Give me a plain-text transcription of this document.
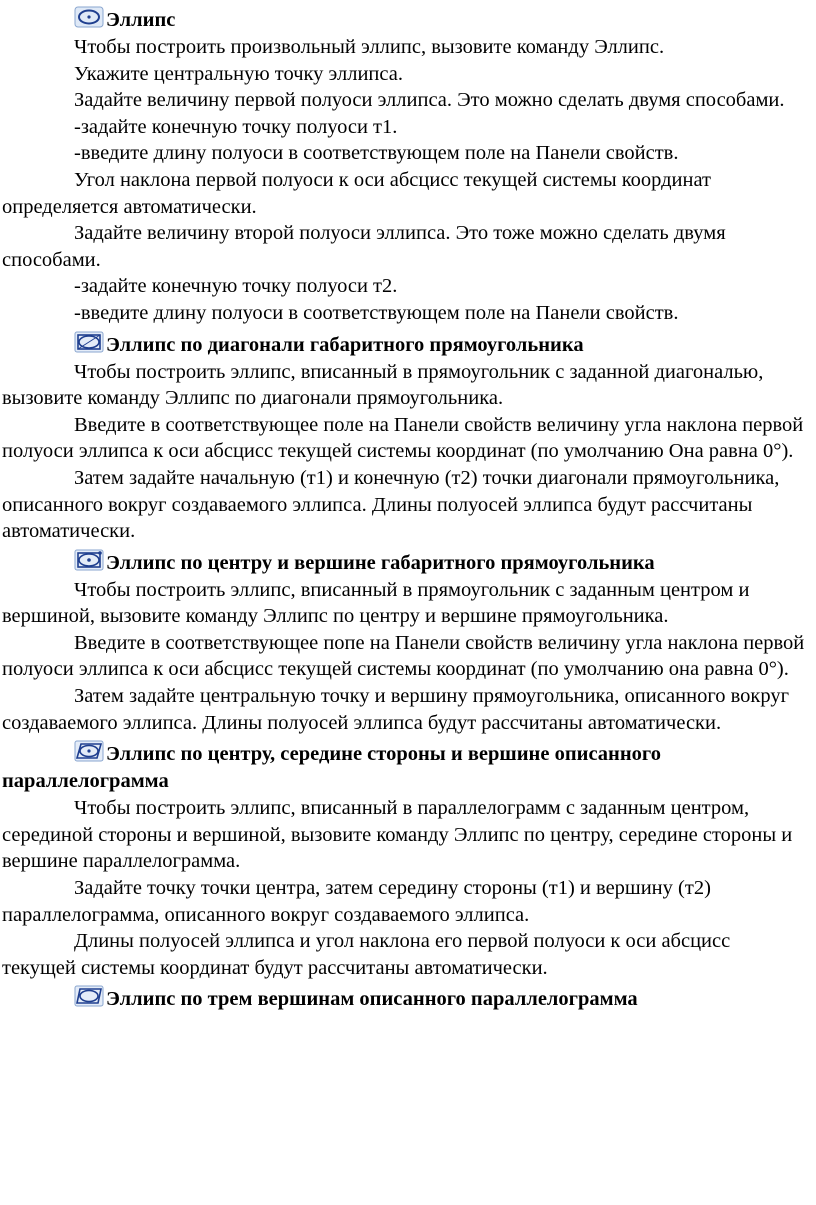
Эллипс

Чтобы построить произвольный эллипс, вызовите команду Эллипс.

Укажите центральную точку эллипса.

Задайте величину первой полуоси эллипса. Это можно сделать двумя способами.

-задайте конечную точку полуоси т1.

-введите длину полуоси в соответствующем поле на Панели свойств.

Угол наклона первой полуоси к оси абсцисс текущей системы координат определяется автоматически.

Задайте величину второй полуоси эллипса. Это тоже можно сделать двумя способами.

-задайте конечную точку полуоси т2.

-введите длину полуоси в соответствующем поле на Панели свойств.

Эллипс по диагонали габаритного прямоугольника

Чтобы построить эллипс, вписанный в прямоугольник с заданной диагональю, вызовите команду Эллипс по диагонали прямоугольника.

Введите в соответствующее поле на Панели свойств величину угла наклона первой полуоси эллипса к оси абсцисс текущей системы координат (по умолчанию Она равна 0°).

Затем задайте начальную (т1) и конечную (т2) точки диагонали прямоугольника, описанного вокруг создаваемого эллипса. Длины полуосей эллипса будут рассчитаны автоматически.

Эллипс по центру и вершине габаритного прямоугольника

Чтобы построить эллипс, вписанный в прямоугольник с заданным центром и вершиной, вызовите команду Эллипс по центру и вершине прямоугольника.

Введите в соответствующее попе на Панели свойств величину угла наклона первой полуоси эллипса к оси абсцисс текущей системы координат (по умолчанию она равна 0°).

Затем задайте центральную точку и вершину прямоугольника, описанного вокруг создаваемого эллипса. Длины полуосей эллипса будут рассчитаны автоматически.

Эллипс по центру, середине стороны и вершине описанного параллелограмма

Чтобы построить эллипс, вписанный в параллелограмм с заданным центром, серединой стороны и вершиной, вызовите команду Эллипс по центру, середине стороны и вершине параллелограмма.

Задайте точку точки центра, затем середину стороны (т1) и вершину (т2) параллелограмма, описанного вокруг создаваемого эллипса.

Длины полуосей эллипса и угол наклона его первой полуоси к оси абсцисс текущей системы координат будут рассчитаны автоматически.

Эллипс по трем вершинам описанного параллелограмма
